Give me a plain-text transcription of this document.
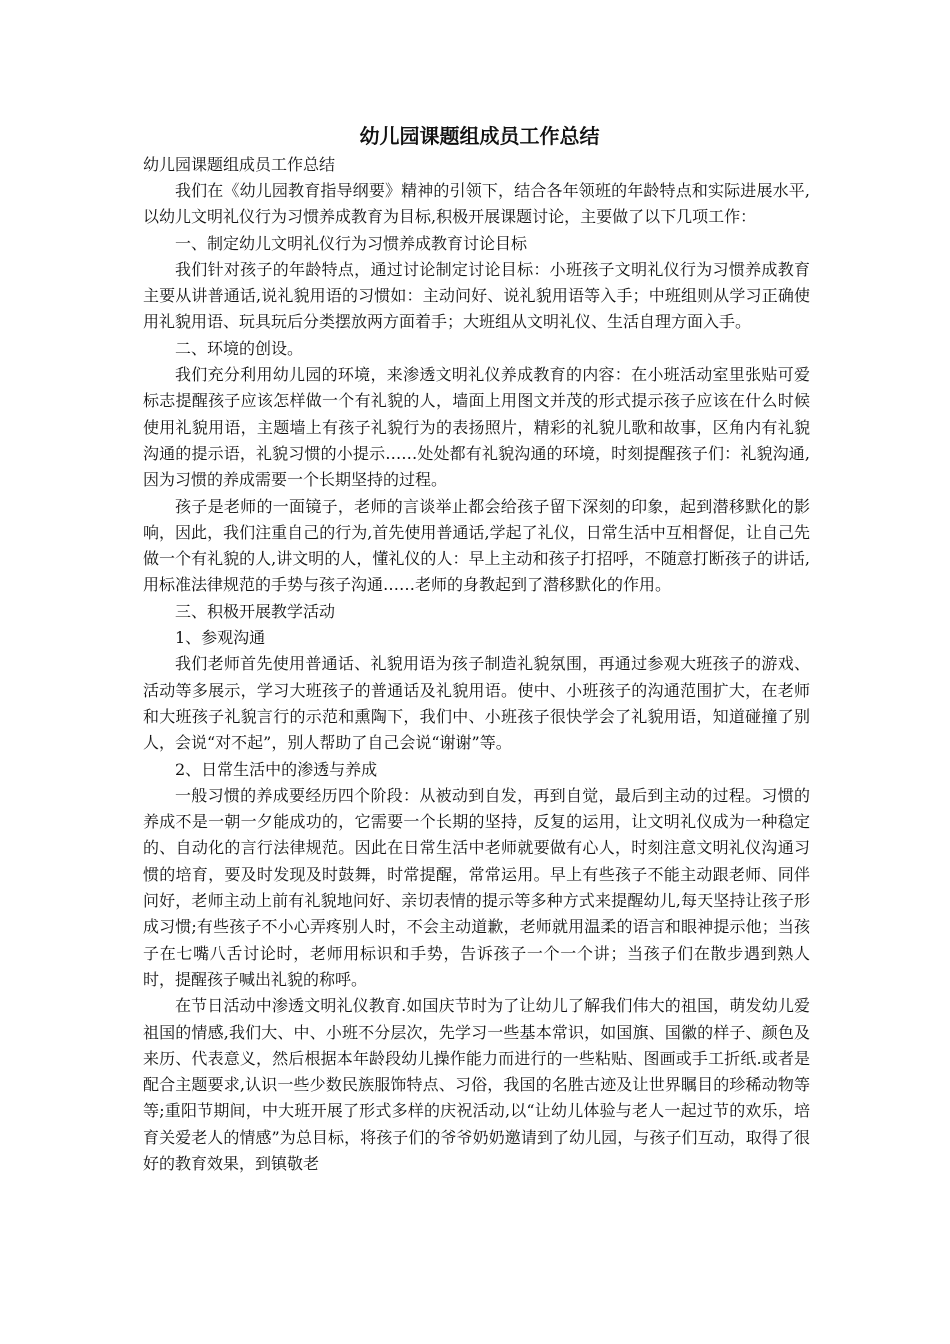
幼儿园课题组成员工作总结

幼儿园课题组成员工作总结

我们在《幼儿园教育指导纲要》精神的引领下，结合各年领班的年龄特点和实际进展水平,以幼儿文明礼仪行为习惯养成教育为目标,积极开展课题讨论，主要做了以下几项工作：

一、制定幼儿文明礼仪行为习惯养成教育讨论目标

我们针对孩子的年龄特点，通过讨论制定讨论目标：小班孩子文明礼仪行为习惯养成教育主要从讲普通话,说礼貌用语的习惯如：主动问好、说礼貌用语等入手；中班组则从学习正确使用礼貌用语、玩具玩后分类摆放两方面着手；大班组从文明礼仪、生活自理方面入手。

二、环境的创设。

我们充分利用幼儿园的环境，来渗透文明礼仪养成教育的内容：在小班活动室里张贴可爱标志提醒孩子应该怎样做一个有礼貌的人，墙面上用图文并茂的形式提示孩子应该在什么时候使用礼貌用语，主题墙上有孩子礼貌行为的表扬照片，精彩的礼貌儿歌和故事，区角内有礼貌沟通的提示语，礼貌习惯的小提示……处处都有礼貌沟通的环境，时刻提醒孩子们：礼貌沟通,因为习惯的养成需要一个长期坚持的过程。

孩子是老师的一面镜子，老师的言谈举止都会给孩子留下深刻的印象，起到潜移默化的影响，因此，我们注重自己的行为,首先使用普通话,学起了礼仪，日常生活中互相督促，让自己先做一个有礼貌的人,讲文明的人，懂礼仪的人：早上主动和孩子打招呼，不随意打断孩子的讲话,用标准法律规范的手势与孩子沟通……老师的身教起到了潜移默化的作用。

三、积极开展教学活动

1、参观沟通

我们老师首先使用普通话、礼貌用语为孩子制造礼貌氛围，再通过参观大班孩子的游戏、活动等多展示，学习大班孩子的普通话及礼貌用语。使中、小班孩子的沟通范围扩大，在老师和大班孩子礼貌言行的示范和熏陶下，我们中、小班孩子很快学会了礼貌用语，知道碰撞了别人，会说“对不起”，别人帮助了自己会说“谢谢”等。

2、日常生活中的渗透与养成

一般习惯的养成要经历四个阶段：从被动到自发，再到自觉，最后到主动的过程。习惯的养成不是一朝一夕能成功的，它需要一个长期的坚持，反复的运用，让文明礼仪成为一种稳定的、自动化的言行法律规范。因此在日常生活中老师就要做有心人，时刻注意文明礼仪沟通习惯的培育，要及时发现及时鼓舞，时常提醒，常常运用。早上有些孩子不能主动跟老师、同伴问好，老师主动上前有礼貌地问好、亲切表情的提示等多种方式来提醒幼儿,每天坚持让孩子形成习惯;有些孩子不小心弄疼别人时，不会主动道歉，老师就用温柔的语言和眼神提示他；当孩子在七嘴八舌讨论时，老师用标识和手势，告诉孩子一个一个讲；当孩子们在散步遇到熟人时，提醒孩子喊出礼貌的称呼。

在节日活动中渗透文明礼仪教育.如国庆节时为了让幼儿了解我们伟大的祖国，萌发幼儿爱祖国的情感,我们大、中、小班不分层次，先学习一些基本常识，如国旗、国徽的样子、颜色及来历、代表意义，然后根据本年龄段幼儿操作能力而进行的一些粘贴、图画或手工折纸.或者是配合主题要求,认识一些少数民族服饰特点、习俗，我国的名胜古迹及让世界瞩目的珍稀动物等等;重阳节期间，中大班开展了形式多样的庆祝活动,以“让幼儿体验与老人一起过节的欢乐，培育关爱老人的情感”为总目标，将孩子们的爷爷奶奶邀请到了幼儿园，与孩子们互动，取得了很好的教育效果，到镇敬老
